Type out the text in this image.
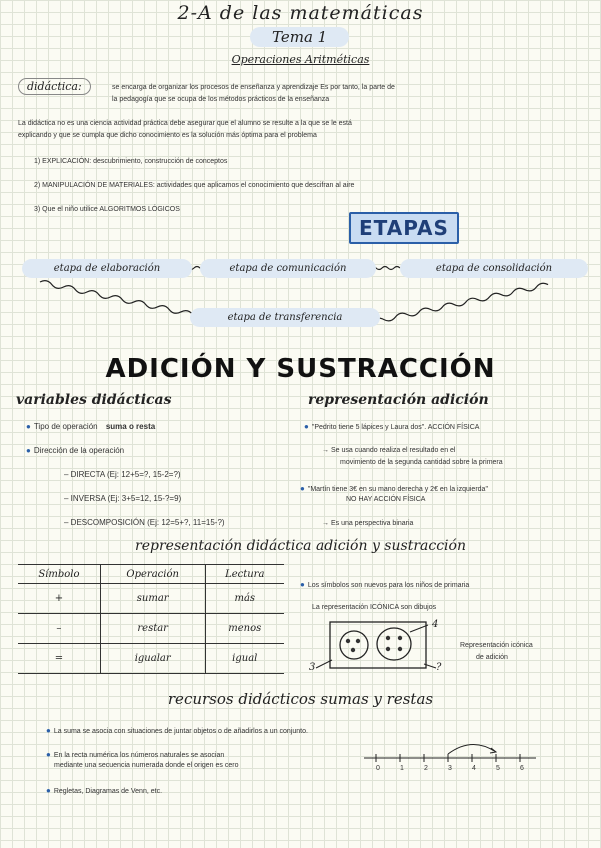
2-A de las matemáticas
Tema 1
Operaciones Aritméticas
didáctica:	se encarga de organizar los procesos de enseñanza y aprendizaje Es por tanto, la parte de
la pedagogía que se ocupa de los métodos prácticos de la enseñanza
La didáctica no es una ciencia actividad práctica debe asegurar que el alumno se resulte a la que se le está
explicando y que se cumpla que dicho conocimiento es la solución más óptima para el problema
1) EXPLICACIÓN: descubrimiento, construcción de conceptos
2) MANIPULACIÓN DE MATERIALES: actividades que aplicamos el conocimiento que descifran al aire
3) Que el niño utilice ALGORITMOS LÓGICOS
ETAPAS
etapa de elaboración	etapa de comunicación	etapa de consolidación
etapa de transferencia
ADICIÓN Y SUSTRACCIÓN
variables didácticas
● Tipo de operación suma o resta
● Dirección de la operación
– DIRECTA (Ej: 12+5=?, 15-2=?)
– INVERSA (Ej: 3+5=12, 15-?=9)
– DESCOMPOSICIÓN (Ej: 12=5+?, 11=15-?)
representación adición
● "Pedrito tiene 5 lápices y Laura dos". ACCIÓN FÍSICA
→ Se usa cuando realiza el resultado en el
movimiento de la segunda cantidad sobre la primera
● "Martín tiene 3€ en su mano derecha y 2€ en la izquierda"
NO HAY ACCIÓN FÍSICA
→ Es una perspectiva binaria
representación didáctica adición y sustracción
Símbolo	Operación	Lectura
+	sumar	más
–	restar	menos
=	igualar	igual
● Los símbolos son nuevos para los niños de primaria
La representación ICÓNICA son dibujos
4
3	?
Representación icónica
de adición
recursos didácticos sumas y restas
● La suma se asocia con situaciones de juntar objetos o de añadirlos a un conjunto.
● En la recta numérica los números naturales se asocian
mediante una secuencia numerada donde el origen es cero	0	1	2	3	4	5	6
● Regletas, Diagramas de Venn, etc.
